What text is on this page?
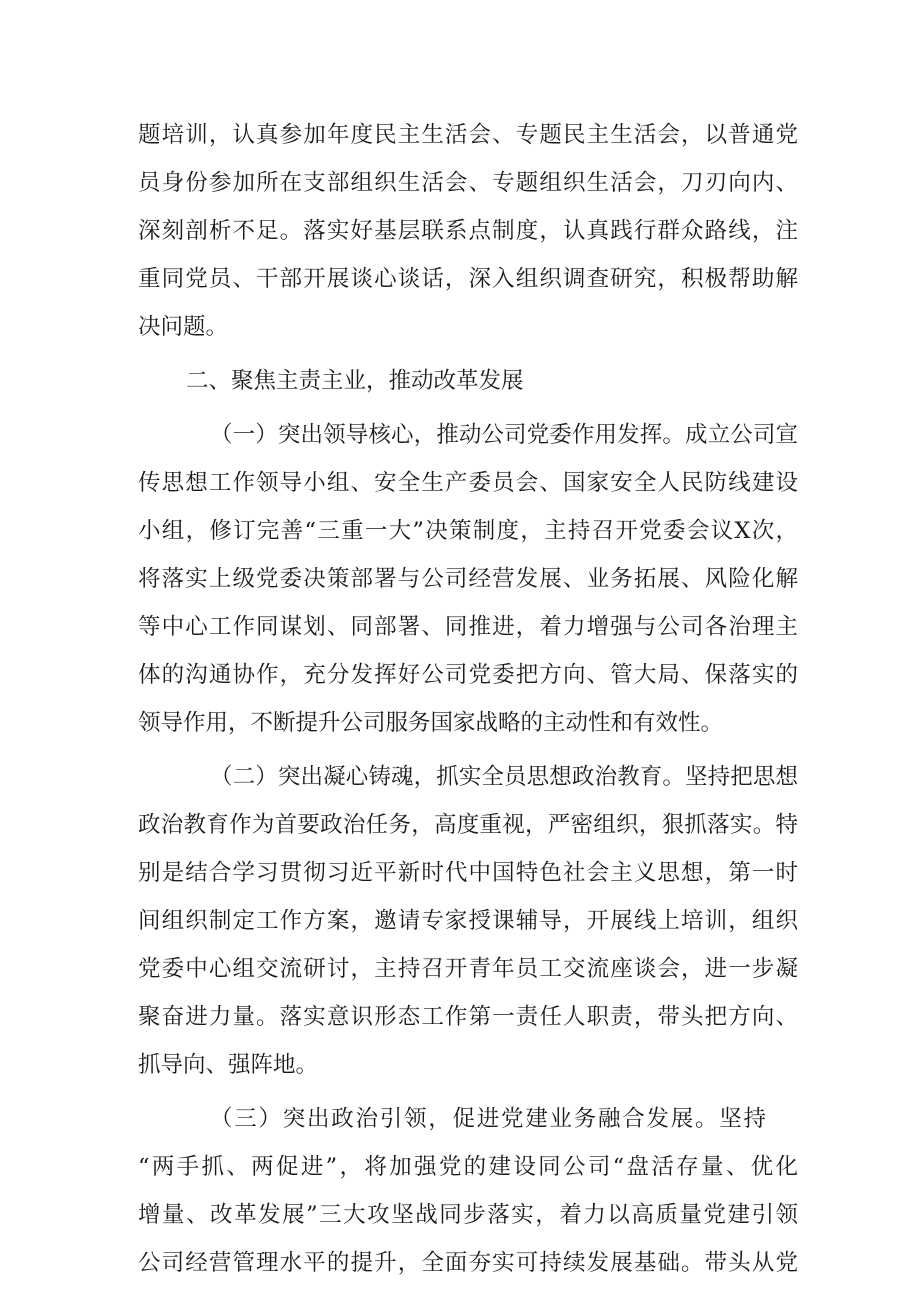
题培训，认真参加年度民主生活会、专题民主生活会，以普通党
员身份参加所在支部组织生活会、专题组织生活会，刀刃向内、
深刻剖析不足。落实好基层联系点制度，认真践行群众路线，注
重同党员、干部开展谈心谈话，深入组织调查研究，积极帮助解
决问题。
二、聚焦主责主业，推动改革发展
（一）突出领导核心，推动公司党委作用发挥。成立公司宣
传思想工作领导小组、安全生产委员会、国家安全人民防线建设
小组，修订完善“三重一大”决策制度，主持召开党委会议X次，
将落实上级党委决策部署与公司经营发展、业务拓展、风险化解
等中心工作同谋划、同部署、同推进，着力增强与公司各治理主
体的沟通协作，充分发挥好公司党委把方向、管大局、保落实的
领导作用，不断提升公司服务国家战略的主动性和有效性。
（二）突出凝心铸魂，抓实全员思想政治教育。坚持把思想
政治教育作为首要政治任务，高度重视，严密组织，狠抓落实。特
别是结合学习贯彻习近平新时代中国特色社会主义思想，第一时
间组织制定工作方案，邀请专家授课辅导，开展线上培训，组织
党委中心组交流研讨，主持召开青年员工交流座谈会，进一步凝
聚奋进力量。落实意识形态工作第一责任人职责，带头把方向、
抓导向、强阵地。
（三）突出政治引领，促进党建业务融合发展。坚持
“两手抓、两促进”，将加强党的建设同公司“盘活存量、优化
增量、改革发展”三大攻坚战同步落实，着力以高质量党建引领
公司经营管理水平的提升，全面夯实可持续发展基础。带头从党
